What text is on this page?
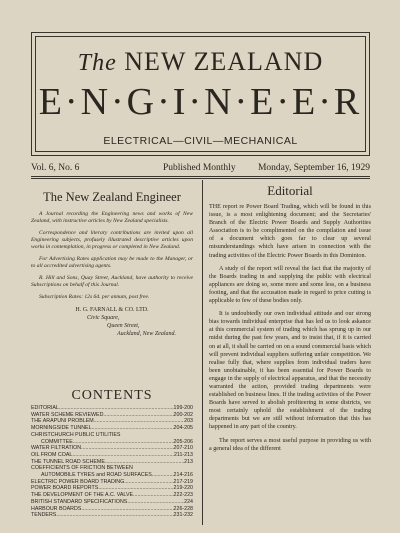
The NEW ZEALAND
E·N·G·I·N·E·E·R
ELECTRICAL—CIVIL—MECHANICAL
Vol. 6, No. 6	Published Monthly Monday, September 16, 1929
The New Zealand Engineer

A Journal recording the Engineering news and works of New Zealand, with instructive articles by New Zealand specialists.

Correspondence and literary contributions are invited upon all Engineering subjects, profusely illustrated descriptive articles upon works in contemplation, in progress or completed in New Zealand.

For Advertising Rates application may be made to the Manager, or to all accredited advertising agents.

R. Hill and Sons, Quay Street, Auckland, have authority to receive Subscriptions on behalf of this Journal.

Subscription Rates: 12s 6d. per annum, post free.

H. G. FARNALL & CO. LTD.

Civic Square,

Queen Street,

Auckland, New Zealand.

CONTENTS
EDITORIAL .....	199-200
WATER SCHEME REVIEWED .....	200-202
THE ARAPUNI PROBLEM .....	203
MORNINGSIDE TUNNEL .....	204-205
CHRISTCHURCH PUBLIC UTILITIES
COMMITTEE .....	205-206
WATER FILTRATION .....	207-210
OIL FROM COAL .....	211-213
THE TUNNEL ROAD SCHEME .....	213
COEFFICIENTS OF FRICTION BETWEEN
AUTOMOBILE TYRES and ROAD SURFACES .....	214-216
ELECTRIC POWER BOARD TRADING .....	217-219
POWER BOARD REPORTS .....	219-220
THE DEVELOPMENT OF THE A.C. VALVE .....	222-223
BRITISH STANDARD SPECIFICATIONS .....	224
HARBOUR BOARDS .....	226-228
TENDERS .....	231-232
Editorial

THE report re Power Board Trading, which will be found in this issue, is a most enlightening document; and the Secretaries' Branch of the Electric Power Boards and Supply Authorities Association is to be complimented on the compilation and issue of a document which goes far to clear up several misunderstandings which have arisen in connection with the trading activities of the Electric Power Boards in this Dominion.

A study of the report will reveal the fact that the majority of the Boards trading in and supplying the public with electrical appliances are doing so, some more and some less, on a business footing, and that the accusation made in regard to price cutting is applicable to few of these bodies only.

It is undoubtedly our own individual attitude and our strong bias towards individual enterprise that has led us to look askance at this commercial system of trading which has sprung up in our midst during the past few years, and to insist that, if it is carried on at all, it shall be carried on on a sound commercial basis which will prevent individual suppliers suffering unfair competition. We realise fully that, where supplies from individual traders have been unobtainable, it has been essential for Power Boards to engage in the supply of electrical apparatus, and that the necessity warranted the action, provided trading departments were established on business lines. If the trading activities of the Power Boards have served to abolish profiteering in some districts, we most certainly uphold the establishment of the trading departments but we are still without information that this has happened in any part of the country.

The report serves a most useful purpose in providing us with a general idea of the different
